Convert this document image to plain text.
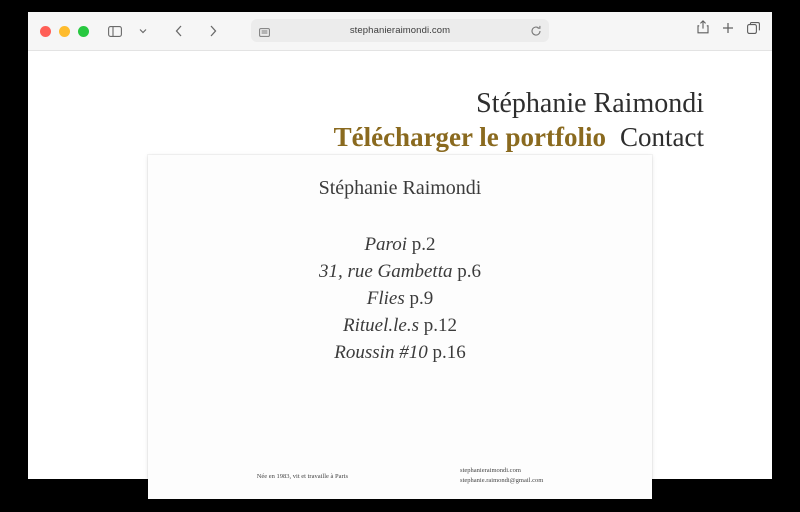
stephanieraimondi.com
Stéphanie Raimondi
Télécharger le portfolio Contact
Stéphanie Raimondi
Paroi p.2
31, rue Gambetta p.6
Flies p.9
Rituel.le.s p.12
Roussin #10 p.16
Née en 1983, vit et travaille à Paris
stephanieraimondi.com
stephanie.raimondi@gmail.com
